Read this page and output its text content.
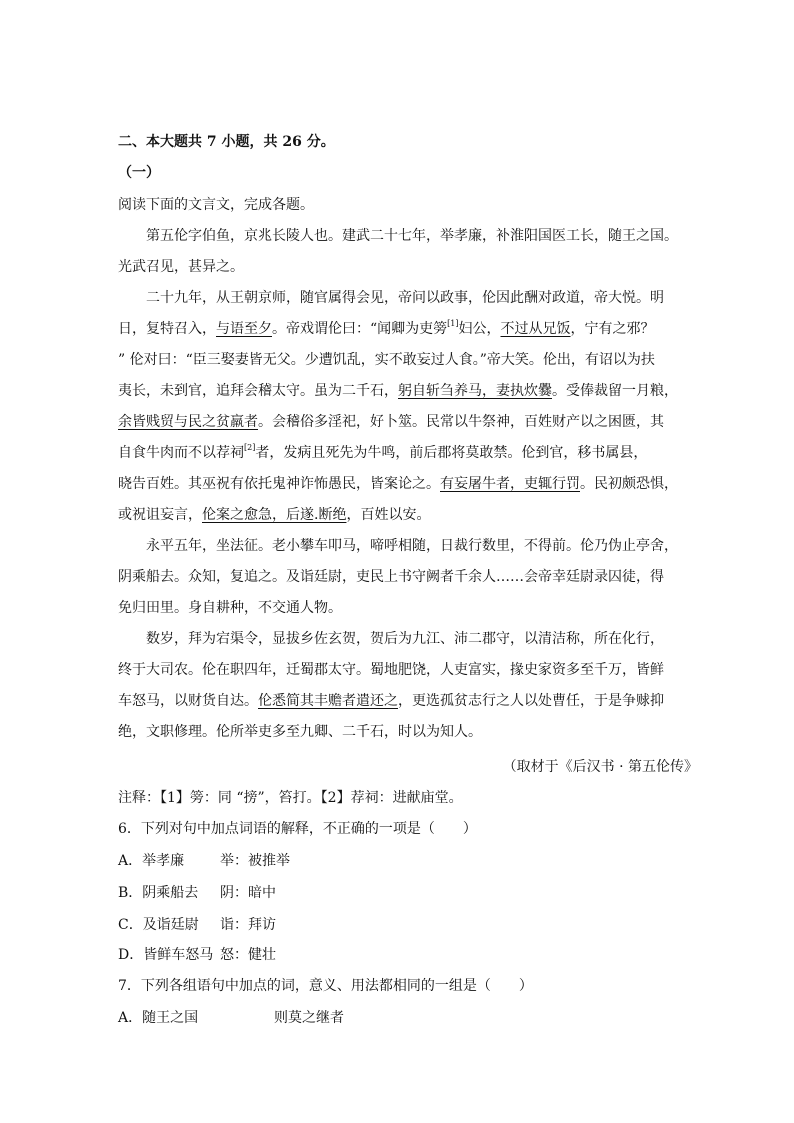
二、本大题共 7 小题，共 26 分。
（一）
阅读下面的文言文，完成各题。
第五伦字伯鱼，京兆长陵人也。建武二十七年，举孝廉，补淮阳国医工长，随王之国。
光武召见，甚异之。
二十九年，从王朝京师，随官属得会见，帝问以政事，伦因此酬对政道，帝大悦。明
日，复特召入，与语至夕。帝戏谓伦曰：“闻卿为吏篣[1]妇公，不过从兄饭，宁有之邪？
” 伦对曰：“臣三娶妻皆无父。少遭饥乱，实不敢妄过人食。”帝大笑。伦出，有诏以为扶
夷长，未到官，追拜会稽太守。虽为二千石，躬自斩刍养马，妻执炊爨。受俸裁留一月粮，
余皆贱贸与民之贫羸者。会稽俗多淫祀，好卜筮。民常以牛祭神，百姓财产以之困匮，其
自食牛肉而不以荐祠[2]者，发病且死先为牛鸣，前后郡将莫敢禁。伦到官，移书属县，
晓告百姓。其巫祝有依托鬼神诈怖愚民，皆案论之。有妄屠牛者，吏辄行罚。民初颇恐惧，
或祝诅妄言，伦案之愈急，后遂.断绝，百姓以安。
永平五年，坐法征。老小攀车叩马，啼呼相随，日裁行数里，不得前。伦乃伪止亭舍，
阴乘船去。众知，复追之。及诣廷尉，吏民上书守阙者千余人……会帝幸廷尉录囚徒，得
免归田里。身自耕种，不交通人物。
数岁，拜为宕渠令，显拔乡佐玄贺，贺后为九江、沛二郡守，以清洁称，所在化行，
终于大司农。伦在职四年，迁蜀郡太守。蜀地肥饶，人吏富实，掾史家资多至千万，皆鲜
车怒马，以财货自达。伦悉简其丰赡者遣还之，更选孤贫志行之人以处曹任，于是争赇抑
绝，文职修理。伦所举吏多至九卿、二千石，时以为知人。
（取材于《后汉书 · 第五伦传》
注释：【1】篣：同 “搒”，笞打。【2】荐祠：进献庙堂。
6．下列对句中加点词语的解释，不正确的一项是（　　）
A．举孝廉	举：被推举
B．阴乘船去 阴：暗中
C．及诣廷尉 诣：拜访
D．皆鲜车怒马 怒：健壮
7．下列各组语句中加点的词，意义、用法都相同的一组是（　　）
A．随王之国	则莫之继者
